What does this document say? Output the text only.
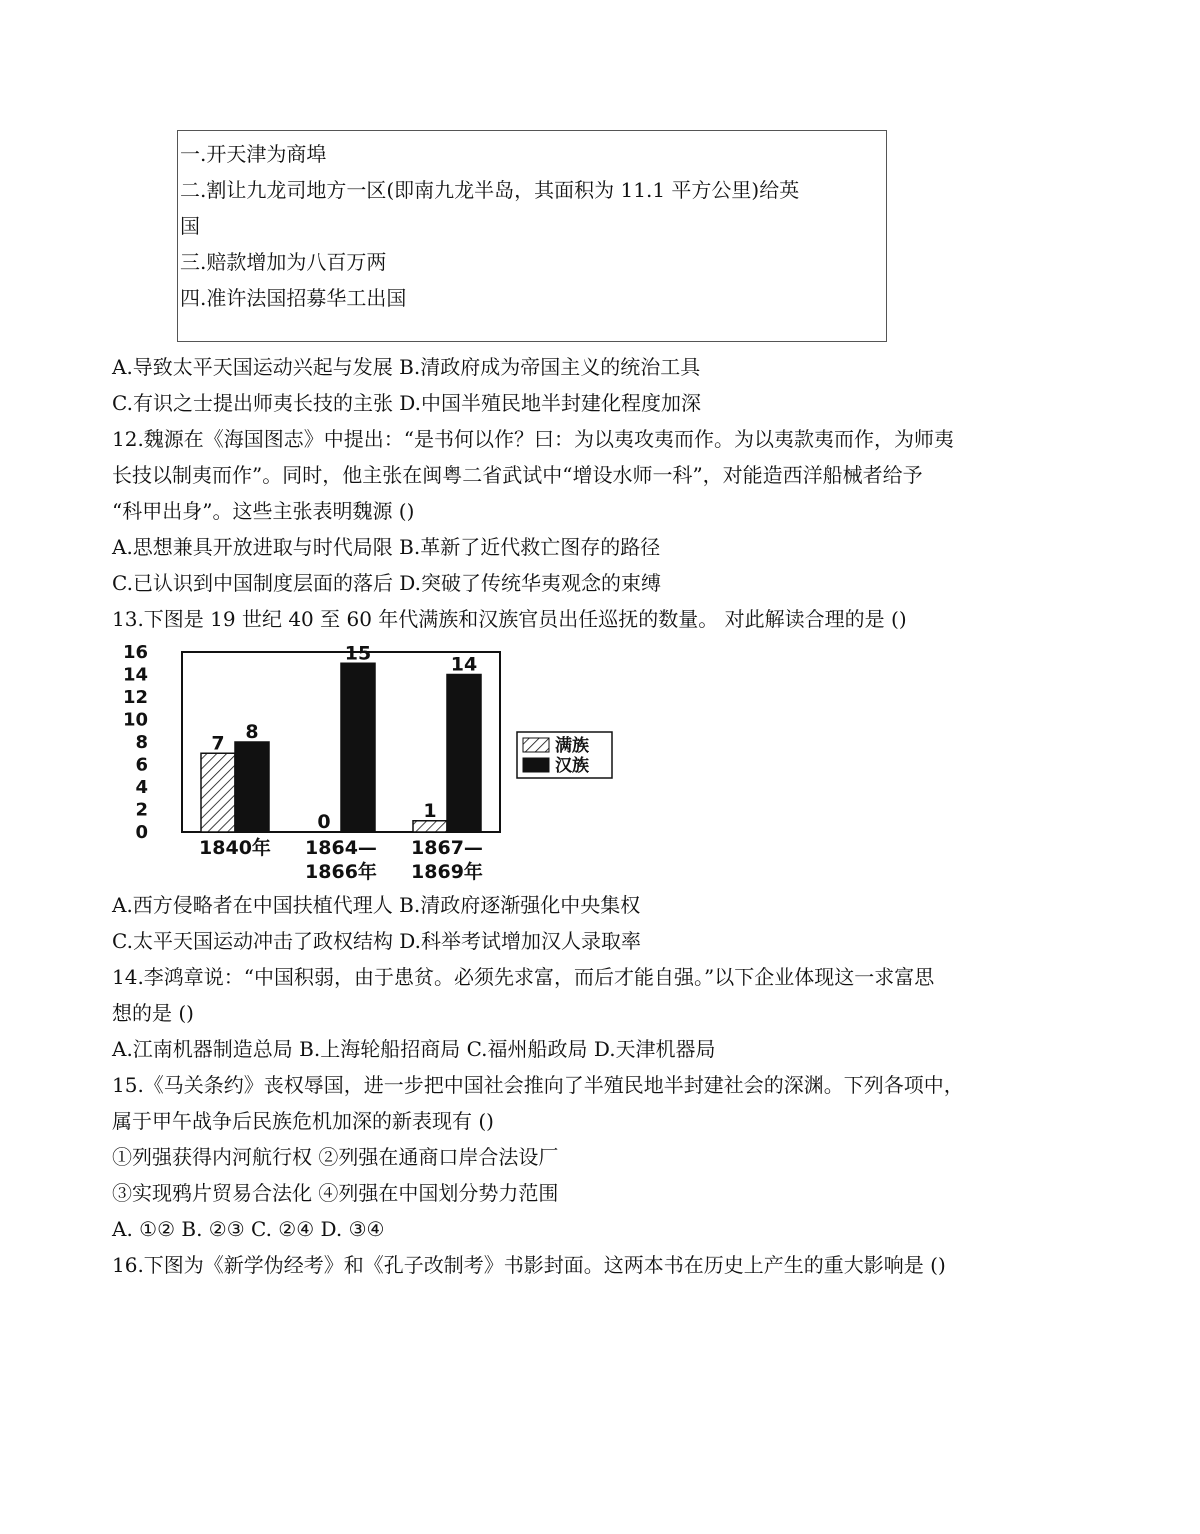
一.开天津为商埠
二.割让九龙司地方一区(即南九龙半岛，其面积为 11.1 平方公里)给英
国
三.赔款增加为八百万两
四.准许法国招募华工出国
A.导致太平天国运动兴起与发展 B.清政府成为帝国主义的统治工具
C.有识之士提出师夷长技的主张 D.中国半殖民地半封建化程度加深
12.魏源在《海国图志》中提出：“是书何以作？曰：为以夷攻夷而作。为以夷款夷而作，为师夷
长技以制夷而作”。同时，他主张在闽粤二省武试中“增设水师一科”，对能造西洋船械者给予
“科甲出身”。这些主张表明魏源 ()
A.思想兼具开放进取与时代局限 B.革新了近代救亡图存的路径
C.已认识到中国制度层面的落后 D.突破了传统华夷观念的束缚
13.下图是 19 世纪 40 至 60 年代满族和汉族官员出任巡抚的数量。 对此解读合理的是 ()
0
2
4
6
8
10
12
14
16
7
8
1840年
0
15
1864—
1866年
1
14
1867—
1869年
满族
汉族
A.西方侵略者在中国扶植代理人 B.清政府逐渐强化中央集权
C.太平天国运动冲击了政权结构 D.科举考试增加汉人录取率
14.李鸿章说：“中国积弱，由于患贫。必须先求富，而后才能自强。”以下企业体现这一求富思
想的是 ()
A.江南机器制造总局 B.上海轮船招商局 C.福州船政局 D.天津机器局
15.《马关条约》丧权辱国，进一步把中国社会推向了半殖民地半封建社会的深渊。下列各项中，
属于甲午战争后民族危机加深的新表现有 ()
①列强获得内河航行权 ②列强在通商口岸合法设厂
③实现鸦片贸易合法化 ④列强在中国划分势力范围
A. ①② B. ②③ C. ②④ D. ③④
16.下图为《新学伪经考》和《孔子改制考》书影封面。这两本书在历史上产生的重大影响是 ()
